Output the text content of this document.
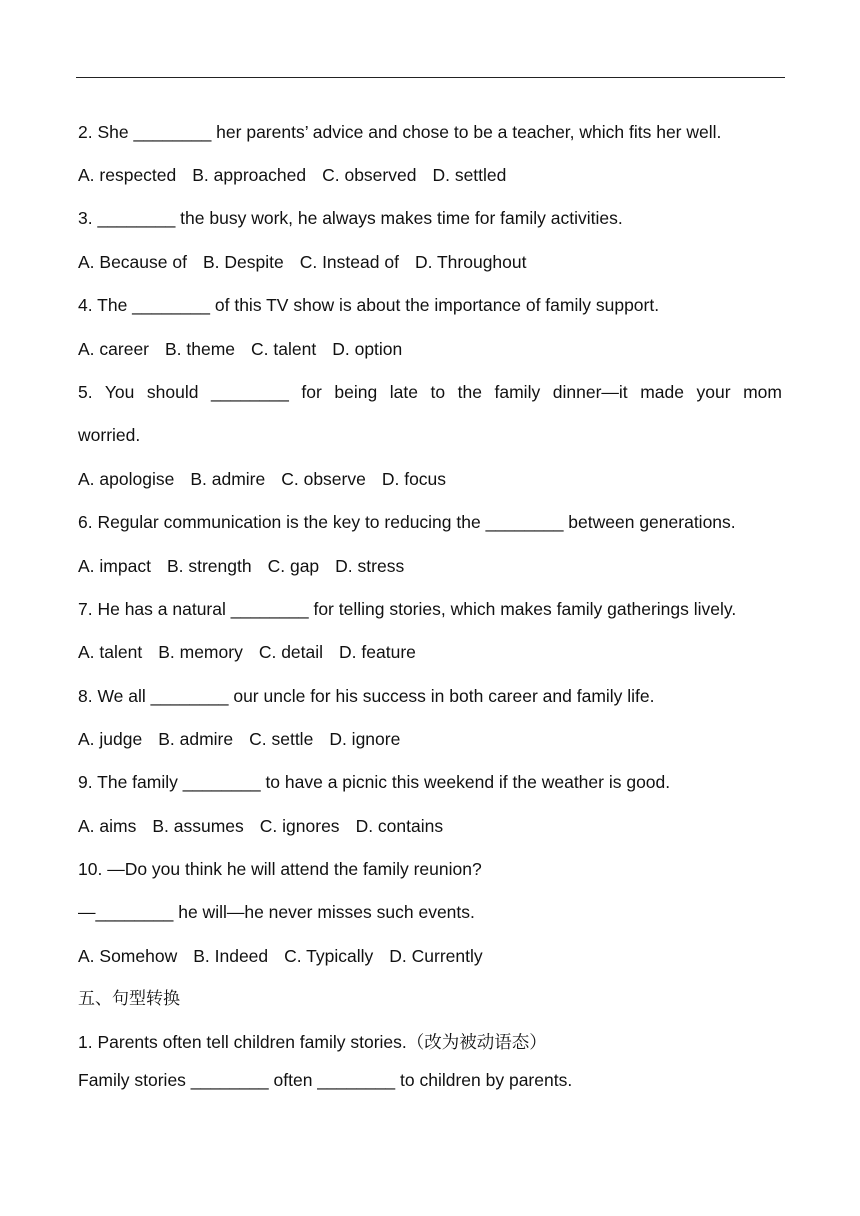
2. She ________ her parents’ advice and chose to be a teacher, which fits her well.
A. respected B. approached C. observed D. settled
3. ________ the busy work, he always makes time for family activities.
A. Because of B. Despite C. Instead of D. Throughout
4. The ________ of this TV show is about the importance of family support.
A. career B. theme C. talent D. option
5. You should ________ for being late to the family dinner—it made your mom
worried.
A. apologise B. admire C. observe D. focus
6. Regular communication is the key to reducing the ________ between generations.
A. impact B. strength C. gap D. stress
7. He has a natural ________ for telling stories, which makes family gatherings lively.
A. talent B. memory C. detail D. feature
8. We all ________ our uncle for his success in both career and family life.
A. judge B. admire C. settle D. ignore
9. The family ________ to have a picnic this weekend if the weather is good.
A. aims B. assumes C. ignores D. contains
10. —Do you think he will attend the family reunion?
—________ he will—he never misses such events.
A. Somehow B. Indeed C. Typically D. Currently
五、句型转换
1. Parents often tell children family stories.（改为被动语态）
Family stories ________ often ________ to children by parents.
